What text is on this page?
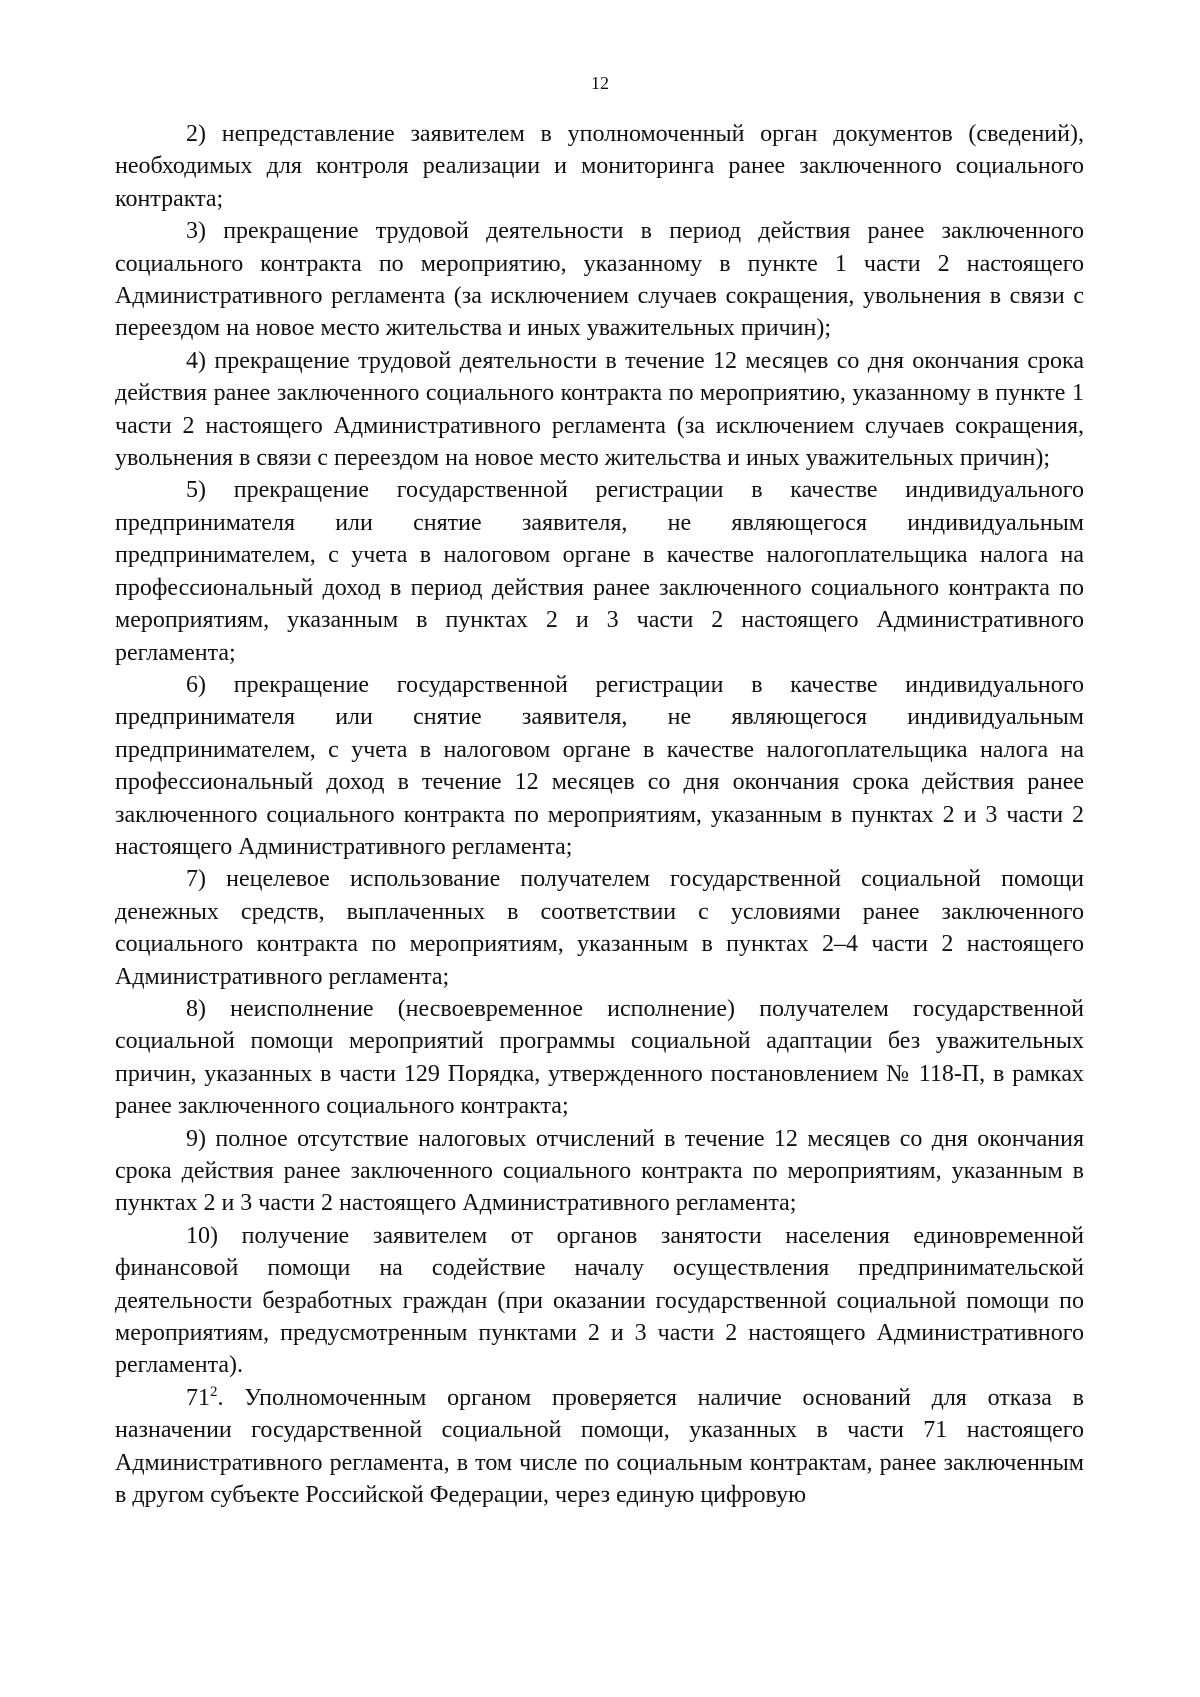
12

2) непредставление заявителем в уполномоченный орган документов (сведений), необходимых для контроля реализации и мониторинга ранее заключенного социального контракта;

3) прекращение трудовой деятельности в период действия ранее заключенного социального контракта по мероприятию, указанному в пункте 1 части 2 настоящего Административного регламента (за исключением случаев сокращения, увольнения в связи с переездом на новое место жительства и иных уважительных причин);

4) прекращение трудовой деятельности в течение 12 месяцев со дня окончания срока действия ранее заключенного социального контракта по мероприятию, указанному в пункте 1 части 2 настоящего Административного регламента (за исключением случаев сокращения, увольнения в связи с переездом на новое место жительства и иных уважительных причин);

5) прекращение государственной регистрации в качестве индивидуального предпринимателя или снятие заявителя, не являющегося индивидуальным предпринимателем, с учета в налоговом органе в качестве налогоплательщика налога на профессиональный доход в период действия ранее заключенного социального контракта по мероприятиям, указанным в пунктах 2 и 3 части 2 настоящего Административного регламента;

6) прекращение государственной регистрации в качестве индивидуального предпринимателя или снятие заявителя, не являющегося индивидуальным предпринимателем, с учета в налоговом органе в качестве налогоплательщика налога на профессиональный доход в течение 12 месяцев со дня окончания срока действия ранее заключенного социального контракта по мероприятиям, указанным в пунктах 2 и 3 части 2 настоящего Административного регламента;

7) нецелевое использование получателем государственной социальной помощи денежных средств, выплаченных в соответствии с условиями ранее заключенного социального контракта по мероприятиям, указанным в пунктах 2–4 части 2 настоящего Административного регламента;

8) неисполнение (несвоевременное исполнение) получателем государственной социальной помощи мероприятий программы социальной адаптации без уважительных причин, указанных в части 129 Порядка, утвержденного постановлением № 118-П, в рамках ранее заключенного социального контракта;

9) полное отсутствие налоговых отчислений в течение 12 месяцев со дня окончания срока действия ранее заключенного социального контракта по мероприятиям, указанным в пунктах 2 и 3 части 2 настоящего Административного регламента;

10) получение заявителем от органов занятости населения единовременной финансовой помощи на содействие началу осуществления предпринимательской деятельности безработных граждан (при оказании государственной социальной помощи по мероприятиям, предусмотренным пунктами 2 и 3 части 2 настоящего Административного регламента).

$71^2$. Уполномоченным органом проверяется наличие оснований для отказа в назначении государственной социальной помощи, указанных в части 71 настоящего Административного регламента, в том числе по социальным контрактам, ранее заключенным в другом субъекте Российской Федерации, через единую цифровую
